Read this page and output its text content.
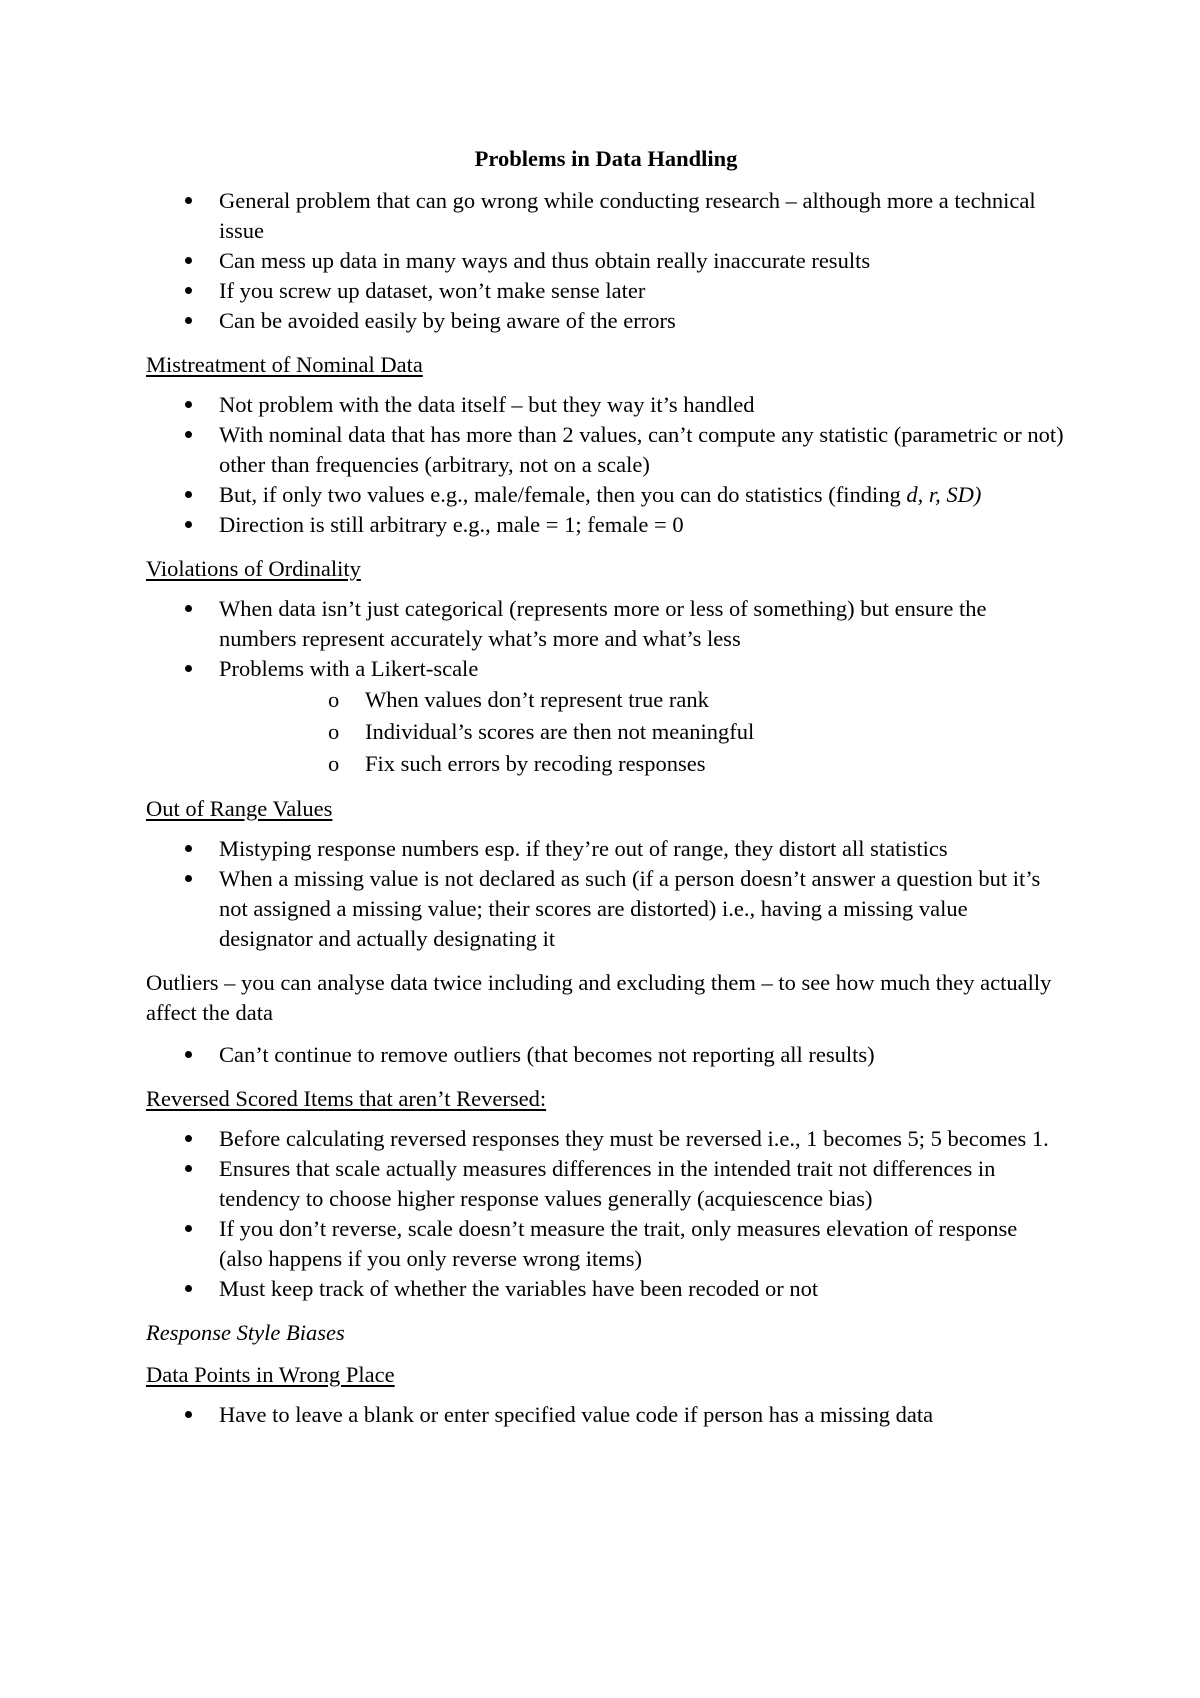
Problems in Data Handling
General problem that can go wrong while conducting research – although more a technical issue
Can mess up data in many ways and thus obtain really inaccurate results
If you screw up dataset, won’t make sense later
Can be avoided easily by being aware of the errors
Mistreatment of Nominal Data
Not problem with the data itself – but they way it’s handled
With nominal data that has more than 2 values, can’t compute any statistic (parametric or not) other than frequencies (arbitrary, not on a scale)
But, if only two values e.g., male/female, then you can do statistics (finding d, r, SD)
Direction is still arbitrary e.g., male = 1; female = 0
Violations of Ordinality
When data isn’t just categorical (represents more or less of something) but ensure the numbers represent accurately what’s more and what’s less
Problems with a Likert-scale
o When values don’t represent true rank
o Individual’s scores are then not meaningful
o Fix such errors by recoding responses
Out of Range Values
Mistyping response numbers esp. if they’re out of range, they distort all statistics
When a missing value is not declared as such (if a person doesn’t answer a question but it’s not assigned a missing value; their scores are distorted) i.e., having a missing value designator and actually designating it
Outliers – you can analyse data twice including and excluding them – to see how much they actually affect the data
Can’t continue to remove outliers (that becomes not reporting all results)
Reversed Scored Items that aren’t Reversed:
Before calculating reversed responses they must be reversed i.e., 1 becomes 5; 5 becomes 1.
Ensures that scale actually measures differences in the intended trait not differences in tendency to choose higher response values generally (acquiescence bias)
If you don’t reverse, scale doesn’t measure the trait, only measures elevation of response (also happens if you only reverse wrong items)
Must keep track of whether the variables have been recoded or not
Response Style Biases
Data Points in Wrong Place
Have to leave a blank or enter specified value code if person has a missing data
